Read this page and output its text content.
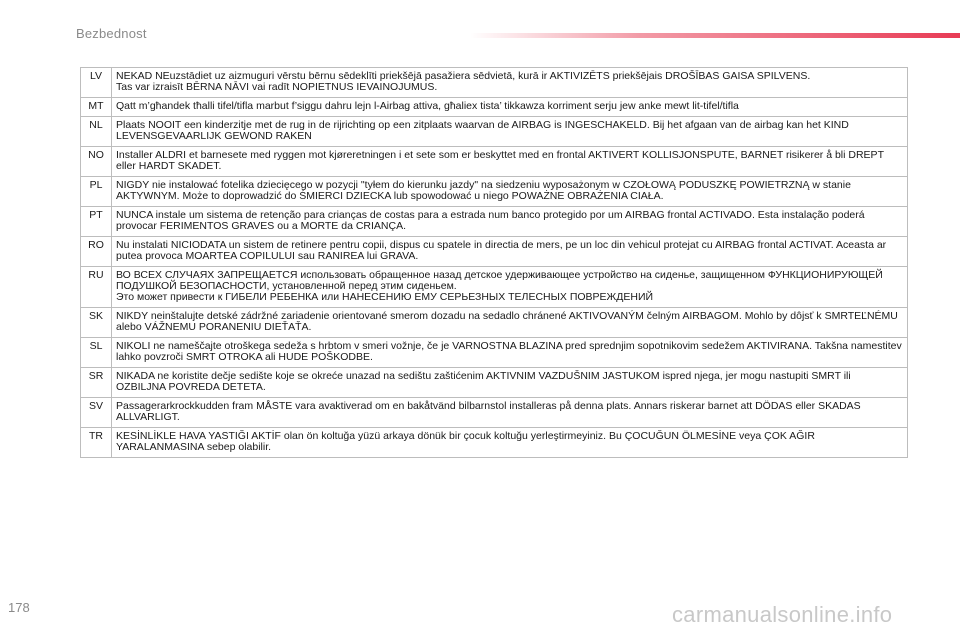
Bezbednost
LV	NEKAD NEuzstādiet uz aizmuguri vērstu bērnu sēdeklīti priekšējā pasažiera sēdvietā, kurā ir AKTIVIZĒTS priekšējais DROŠĪBAS GAISA SPILVENS.
Tas var izraisīt BĒRNA NĀVI vai radīt NOPIETNUS IEVAINOJUMUS.
MT	Qatt m’għandek tħalli tifel/tifla marbut f’siggu dahru lejn l-Airbag attiva, għaliex tista’ tikkawza korriment serju jew anke mewt lit-tifel/tifla
NL	Plaats NOOIT een kinderzitje met de rug in de rijrichting op een zitplaats waarvan de AIRBAG is INGESCHAKELD. Bij het afgaan van de airbag kan het KIND LEVENSGEVAARLIJK GEWOND RAKEN
NO	Installer ALDRI et barnesete med ryggen mot kjøreretningen i et sete som er beskyttet med en frontal AKTIVERT KOLLISJONSPUTE, BARNET risikerer å bli DREPT eller HARDT SKADET.
PL	NIGDY nie instalować fotelika dziecięcego w pozycji "tyłem do kierunku jazdy" na siedzeniu wyposażonym w CZOŁOWĄ PODUSZKĘ POWIETRZNĄ w stanie AKTYWNYM. Może to doprowadzić do ŚMIERCI DZIECKA lub spowodować u niego POWAŻNE OBRAŻENIA CIAŁA.
PT	NUNCA instale um sistema de retenção para crianças de costas para a estrada num banco protegido por um AIRBAG frontal ACTIVADO. Esta instalação poderá provocar FERIMENTOS GRAVES ou a MORTE da CRIANÇA.
RO	Nu instalati NICIODATA un sistem de retinere pentru copii, dispus cu spatele in directia de mers, pe un loc din vehicul protejat cu AIRBAG frontal ACTIVAT. Aceasta ar putea provoca MOARTEA COPILULUI sau RANIREA lui GRAVA.
RU	ВО ВСЕХ СЛУЧАЯХ ЗАПРЕЩАЕТСЯ использовать обращенное назад детское удерживающее устройство на сиденье, защищенном ФУНКЦИОНИРУЮЩЕЙ ПОДУШКОЙ БЕЗОПАСНОСТИ, установленной перед этим сиденьем.
Это может привести к ГИБЕЛИ РЕБЕНКА или НАНЕСЕНИЮ ЕМУ СЕРЬЕЗНЫХ ТЕЛЕСНЫХ ПОВРЕЖДЕНИЙ
SK	NIKDY neinštalujte detské zádržné zariadenie orientované smerom dozadu na sedadlo chránené AKTIVOVANÝM čelným AIRBAGOM. Mohlo by dôjsť k SMRTEĽNÉMU alebo VÁŽNEMU PORANENIU DIEŤAŤA.
SL	NIKOLI ne nameščajte otroškega sedeža s hrbtom v smeri vožnje, če je VARNOSTNA BLAZINA pred sprednjim sopotnikovim sedežem AKTIVIRANA. Takšna namestitev lahko povzroči SMRT OTROKA ali HUDE POŠKODBE.
SR	NIKADA ne koristite dečje sedište koje se okreće unazad na sedištu zaštićenim AKTIVNIM VAZDUŠNIM JASTUKOM ispred njega, jer mogu nastupiti SMRT ili OZBILJNA POVREDA DETETA.
SV	Passagerarkrockkudden fram MÅSTE vara avaktiverad om en bakåtvänd bilbarnstol installeras på denna plats. Annars riskerar barnet att DÖDAS eller SKADAS ALLVARLIGT.
TR	KESİNLİKLE HAVA YASTIĞI AKTİF olan ön koltuğa yüzü arkaya dönük bir çocuk koltuğu yerleştirmeyiniz. Bu ÇOCUĞUN ÖLMESİNE veya ÇOK AĞIR YARALANMASINA sebep olabilir.
178	carmanualsonline.info
